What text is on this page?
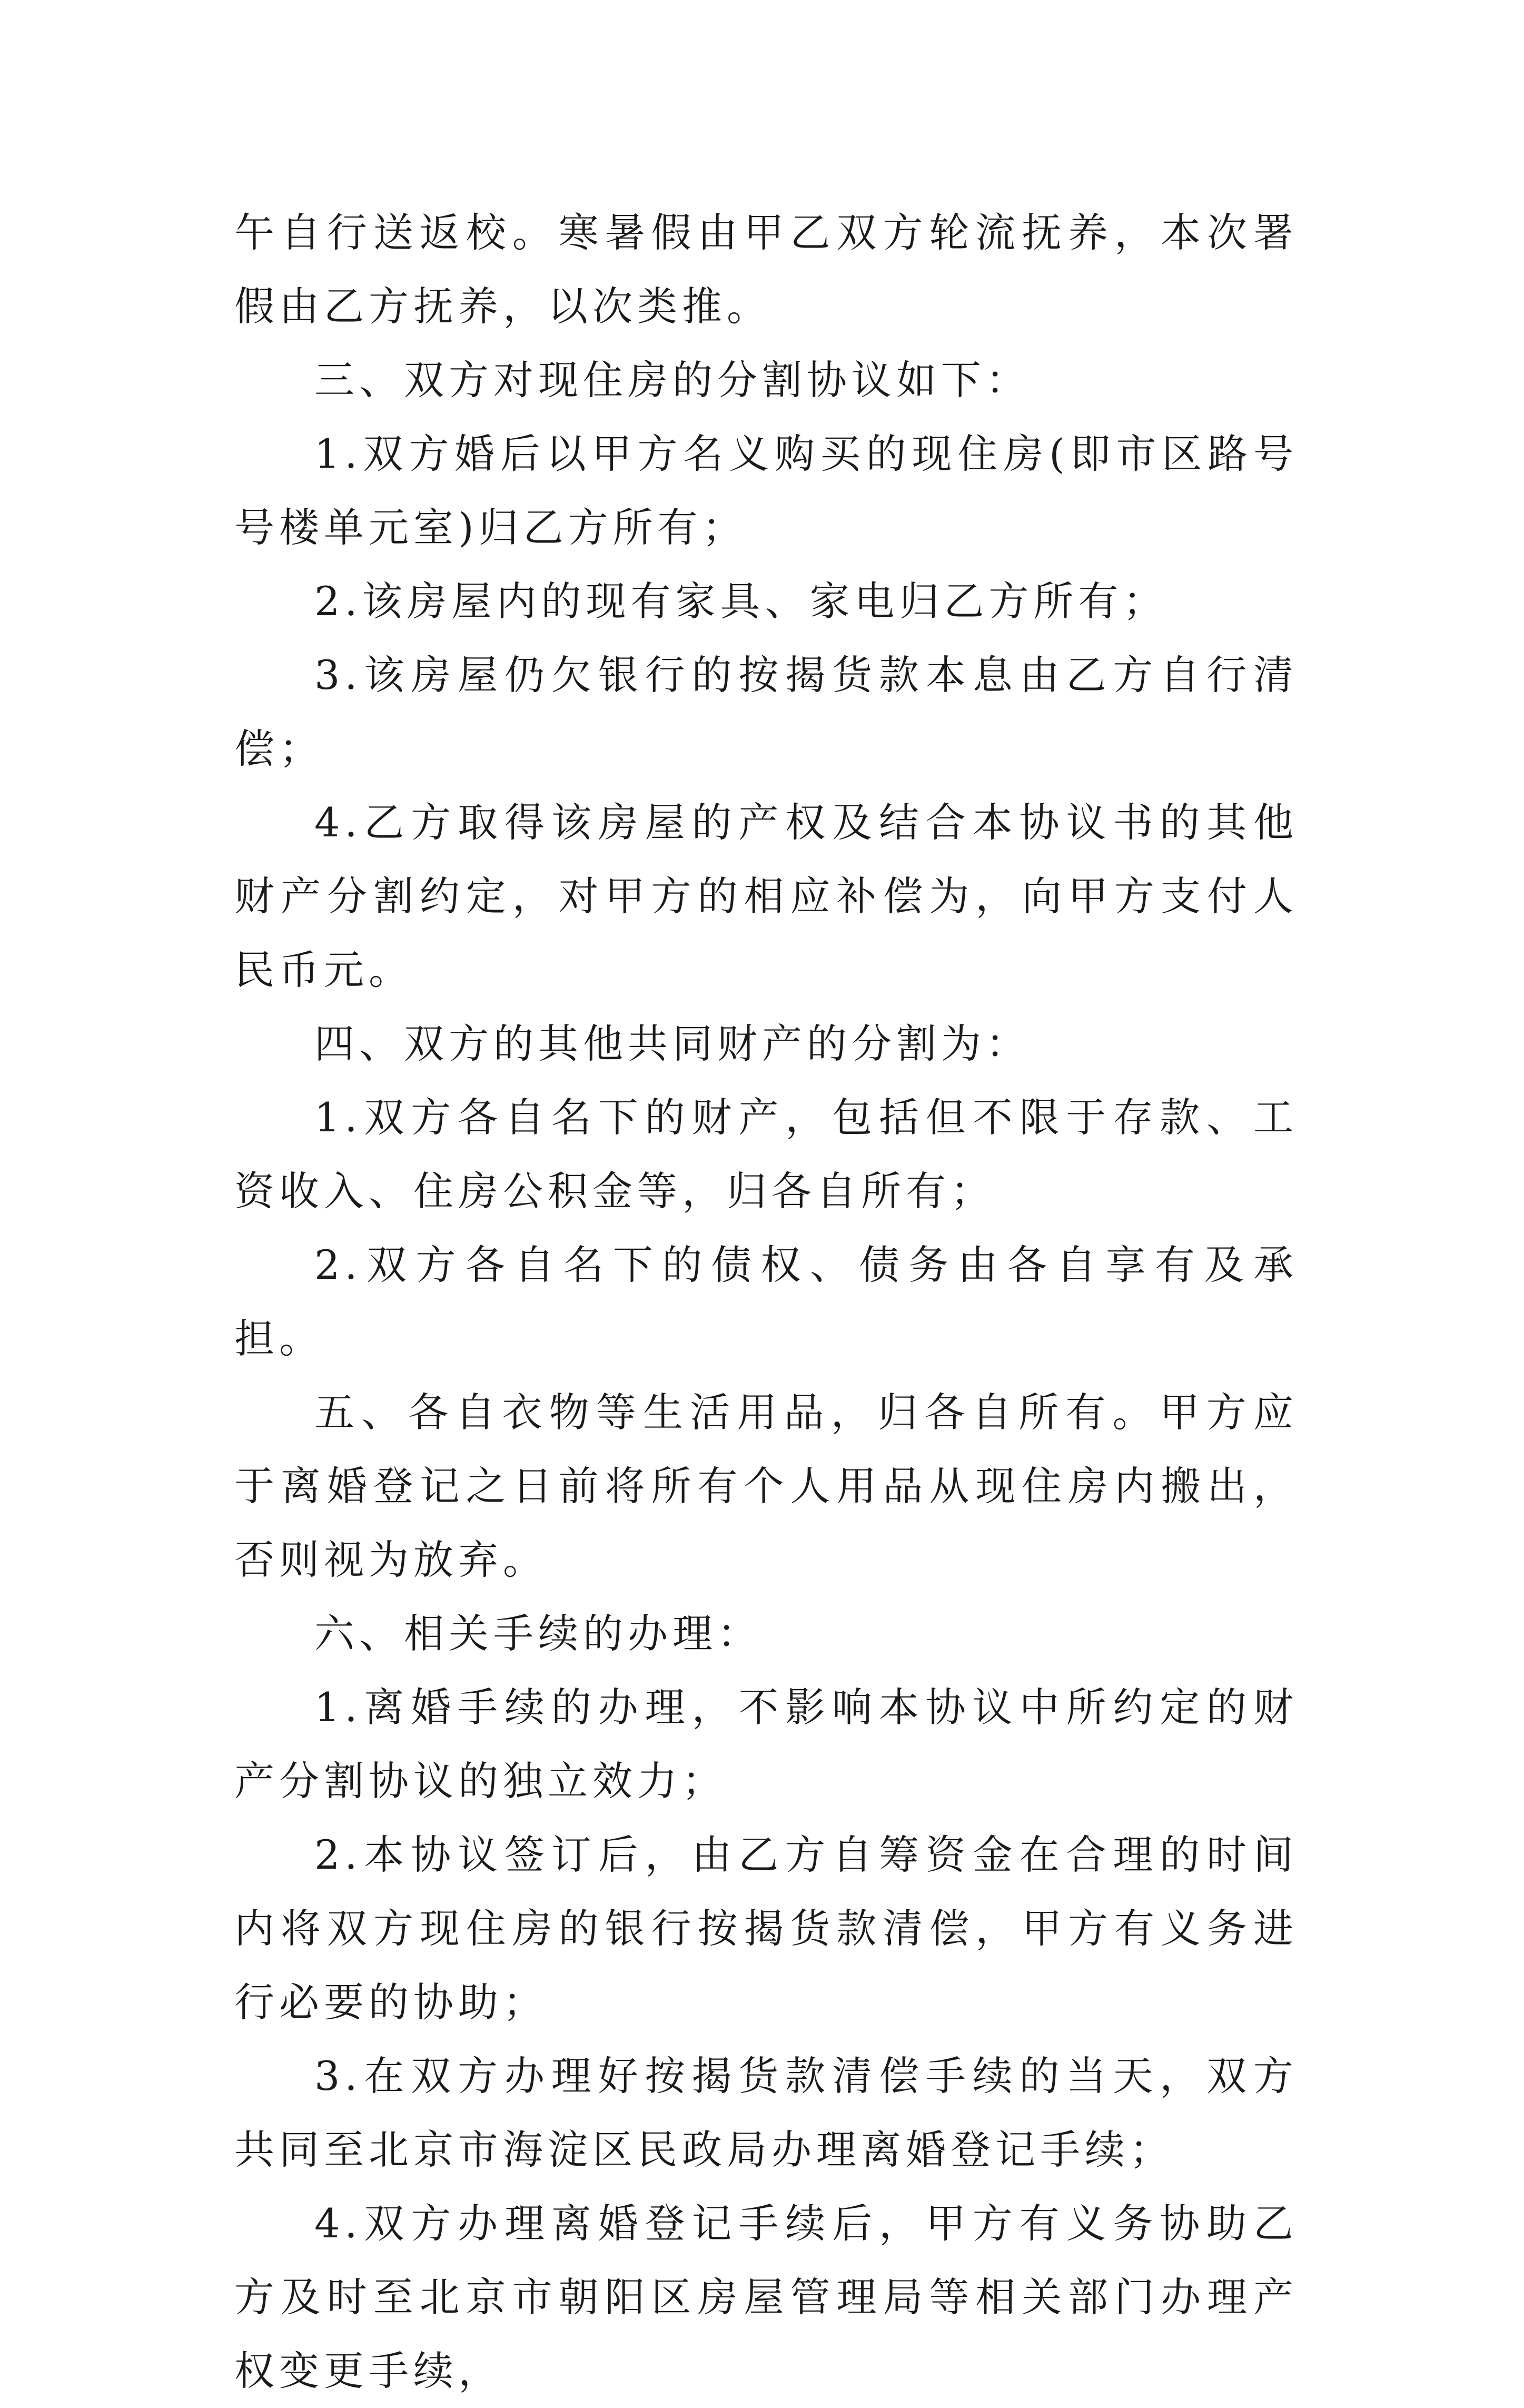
午自行送返校。寒暑假由甲乙双方轮流抚养，本次署假由乙方抚养，以次类推。

三、双方对现住房的分割协议如下：

1.双方婚后以甲方名义购买的现住房(即市区路号号楼单元室)归乙方所有；

2.该房屋内的现有家具、家电归乙方所有；

3.该房屋仍欠银行的按揭货款本息由乙方自行清偿；

4.乙方取得该房屋的产权及结合本协议书的其他财产分割约定，对甲方的相应补偿为，向甲方支付人民币元。

四、双方的其他共同财产的分割为：

1.双方各自名下的财产，包括但不限于存款、工资收入、住房公积金等，归各自所有；

2.双方各自名下的债权、债务由各自享有及承担。

五、各自衣物等生活用品，归各自所有。甲方应于离婚登记之日前将所有个人用品从现住房内搬出，否则视为放弃。

六、相关手续的办理：

1.离婚手续的办理，不影响本协议中所约定的财产分割协议的独立效力；

2.本协议签订后，由乙方自筹资金在合理的时间内将双方现住房的银行按揭货款清偿，甲方有义务进行必要的协助；

3.在双方办理好按揭货款清偿手续的当天，双方共同至北京市海淀区民政局办理离婚登记手续；

4.双方办理离婚登记手续后，甲方有义务协助乙方及时至北京市朝阳区房屋管理局等相关部门办理产权变更手续，
